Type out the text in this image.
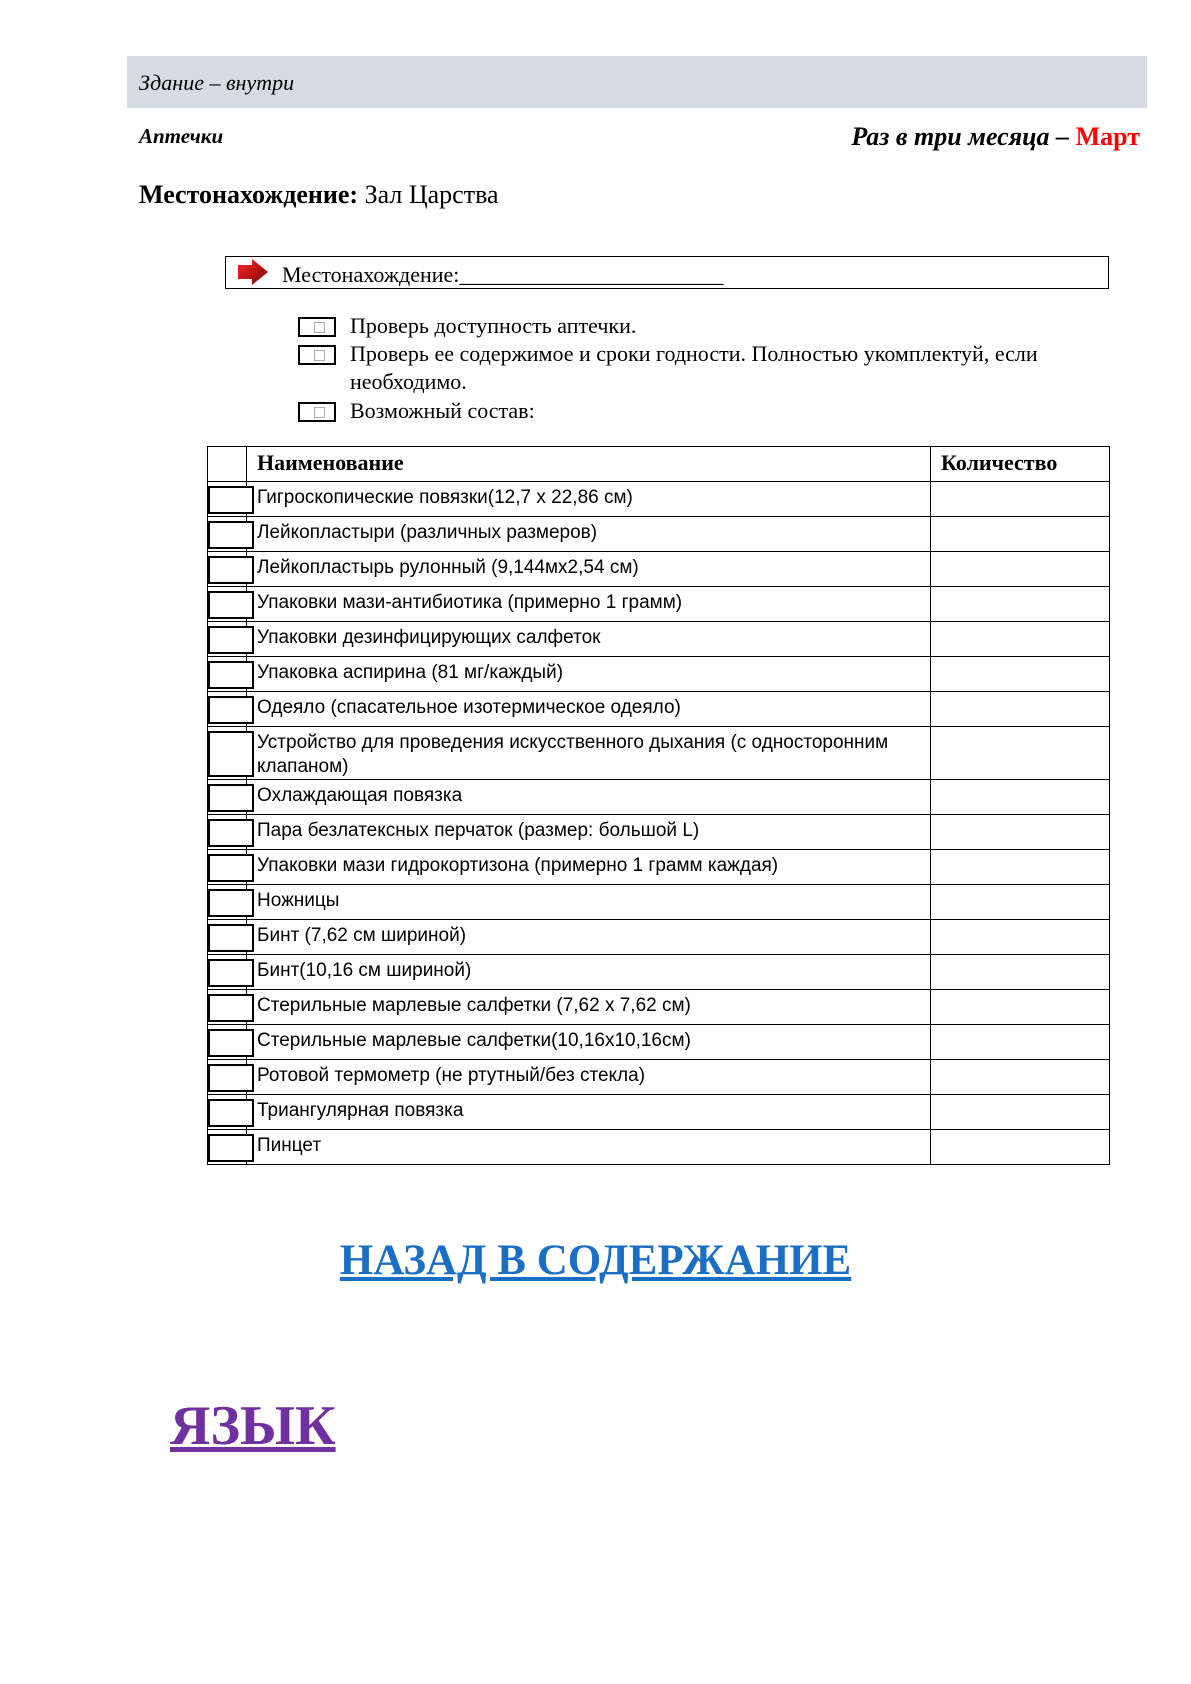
Здание – внутри
Аптечки	Раз в три месяца – Март
Местонахождение: Зал Царства
Местонахождение:________________________
Проверь доступность аптечки.
Проверь ее содержимое и сроки годности. Полностью укомплектуй, если необходимо.
Возможный состав:
	Наименование	Количество

	Гигроскопические повязки(12,7 х 22,86 см)	

	Лейкопластыри (различных размеров)	

	Лейкопластырь рулонный (9,144мх2,54 см)	

	Упаковки мази-антибиотика (примерно 1 грамм)	

	Упаковки дезинфицирующих салфеток	

	Упаковка аспирина (81 мг/каждый)	

	Одеяло (спасательное изотермическое одеяло)	

	Устройство для проведения искусственного дыхания (с односторонним клапаном)	

	Охлаждающая повязка	

	Пара безлатексных перчаток (размер: большой L)	

	Упаковки мази гидрокортизона (примерно 1 грамм каждая)	

	Ножницы	

	Бинт (7,62 см шириной)	

	Бинт(10,16 см шириной)	

	Стерильные марлевые салфетки (7,62 х 7,62 см)	

	Стерильные марлевые салфетки(10,16х10,16см)	

	Ротовой термометр (не ртутный/без стекла)	

	Триангулярная повязка	

	Пинцет	
НАЗАД В СОДЕРЖАНИЕ
ЯЗЫК
